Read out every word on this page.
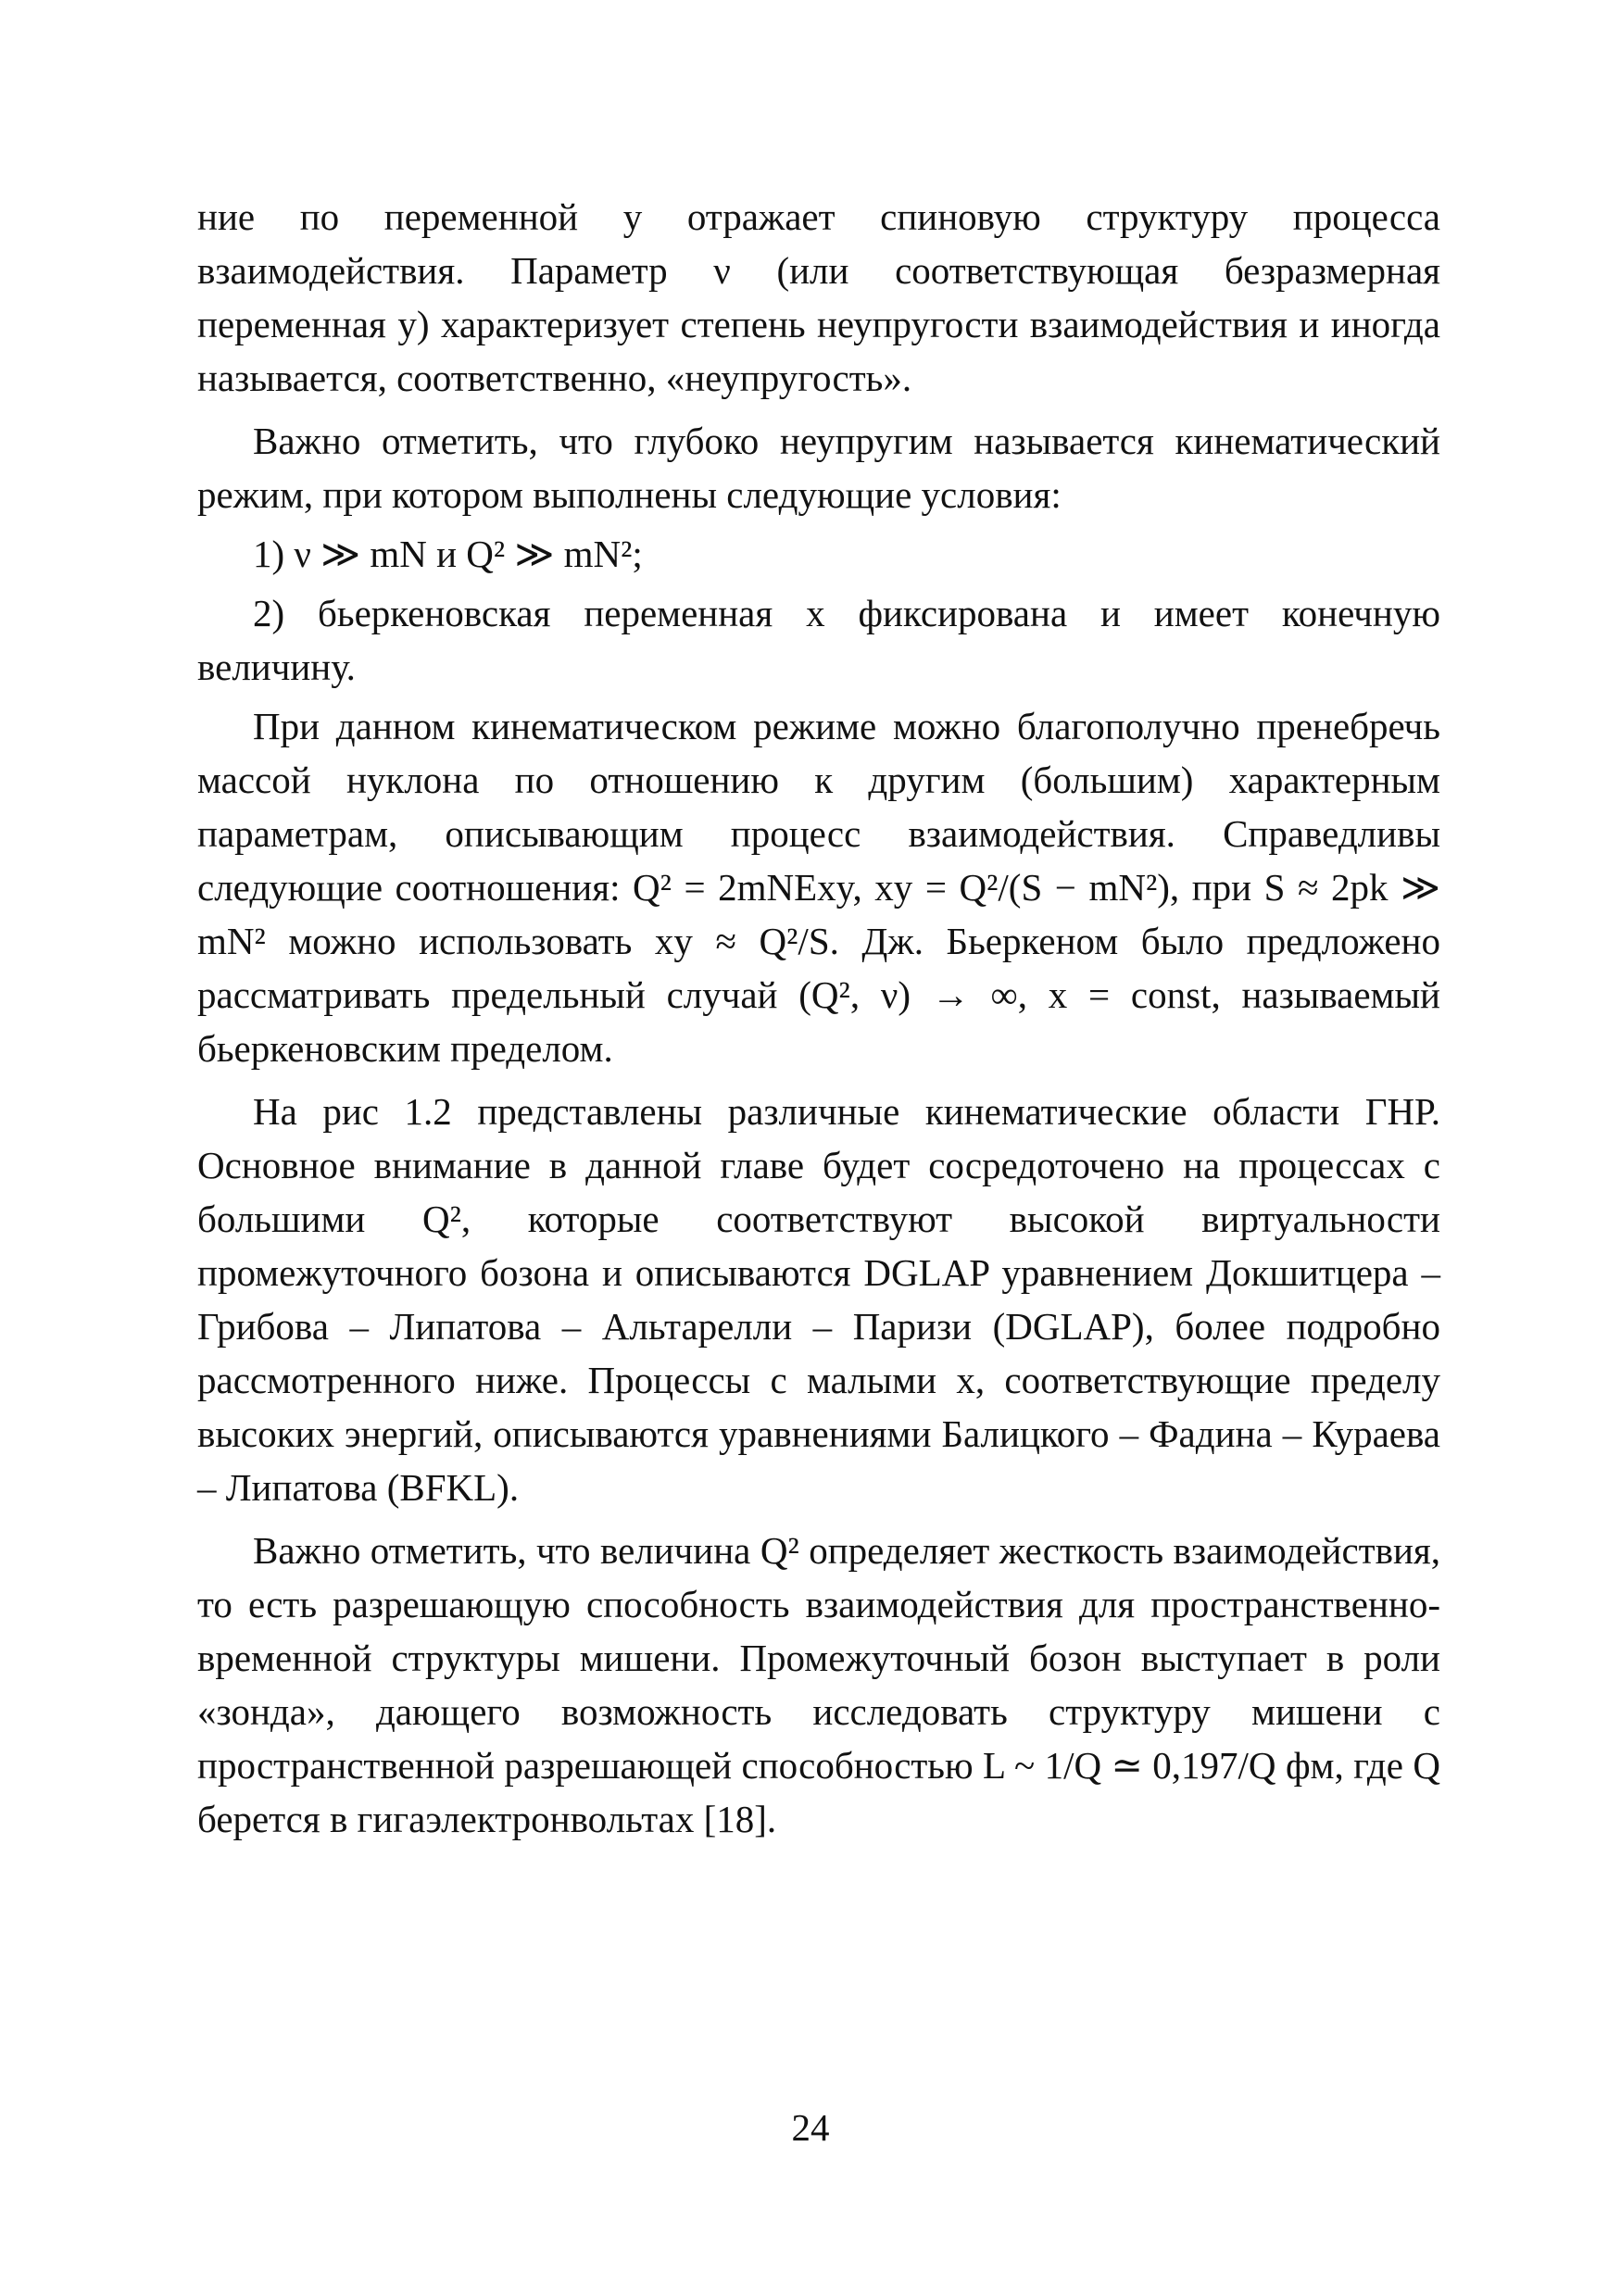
ние по переменной y отражает спиновую структуру процесса взаимодействия. Параметр ν (или соответствующая безразмерная переменная y) характеризует степень неупругости взаимодействия и иногда называется, соответственно, «неупругость».

Важно отметить, что глубоко неупругим называется кинематический режим, при котором выполнены следующие условия:

1) ν ≫ mN и Q² ≫ mN²;

2) бьеркеновская переменная x фиксирована и имеет конечную величину.

При данном кинематическом режиме можно благополучно пренебречь массой нуклона по отношению к другим (большим) характерным параметрам, описывающим процесс взаимодействия. Справедливы следующие соотношения: Q² = 2mNExy, xy = Q²/(S − mN²), при S ≈ 2pk ≫ mN² можно использовать xy ≈ Q²/S. Дж. Бьеркеном было предложено рассматривать предельный случай (Q², ν) → ∞, x = const, называемый бьеркеновским пределом.

На рис 1.2 представлены различные кинематические области ГНР. Основное внимание в данной главе будет сосредоточено на процессах с большими Q², которые соответствуют высокой виртуальности промежуточного бозона и описываются DGLAP уравнением Докшитцера – Грибова – Липатова – Альтарелли – Паризи (DGLAP), более подробно рассмотренного ниже. Процессы с малыми x, соответствующие пределу высоких энергий, описываются уравнениями Балицкого – Фадина – Кураева – Липатова (BFKL).

Важно отметить, что величина Q² определяет жесткость взаимодействия, то есть разрешающую способность взаимодействия для пространственно-временной структуры мишени. Промежуточный бозон выступает в роли «зонда», дающего возможность исследовать структуру мишени с пространственной разрешающей способностью L ~ 1/Q ≃ 0,197/Q фм, где Q берется в гигаэлектронвольтах [18].

24
